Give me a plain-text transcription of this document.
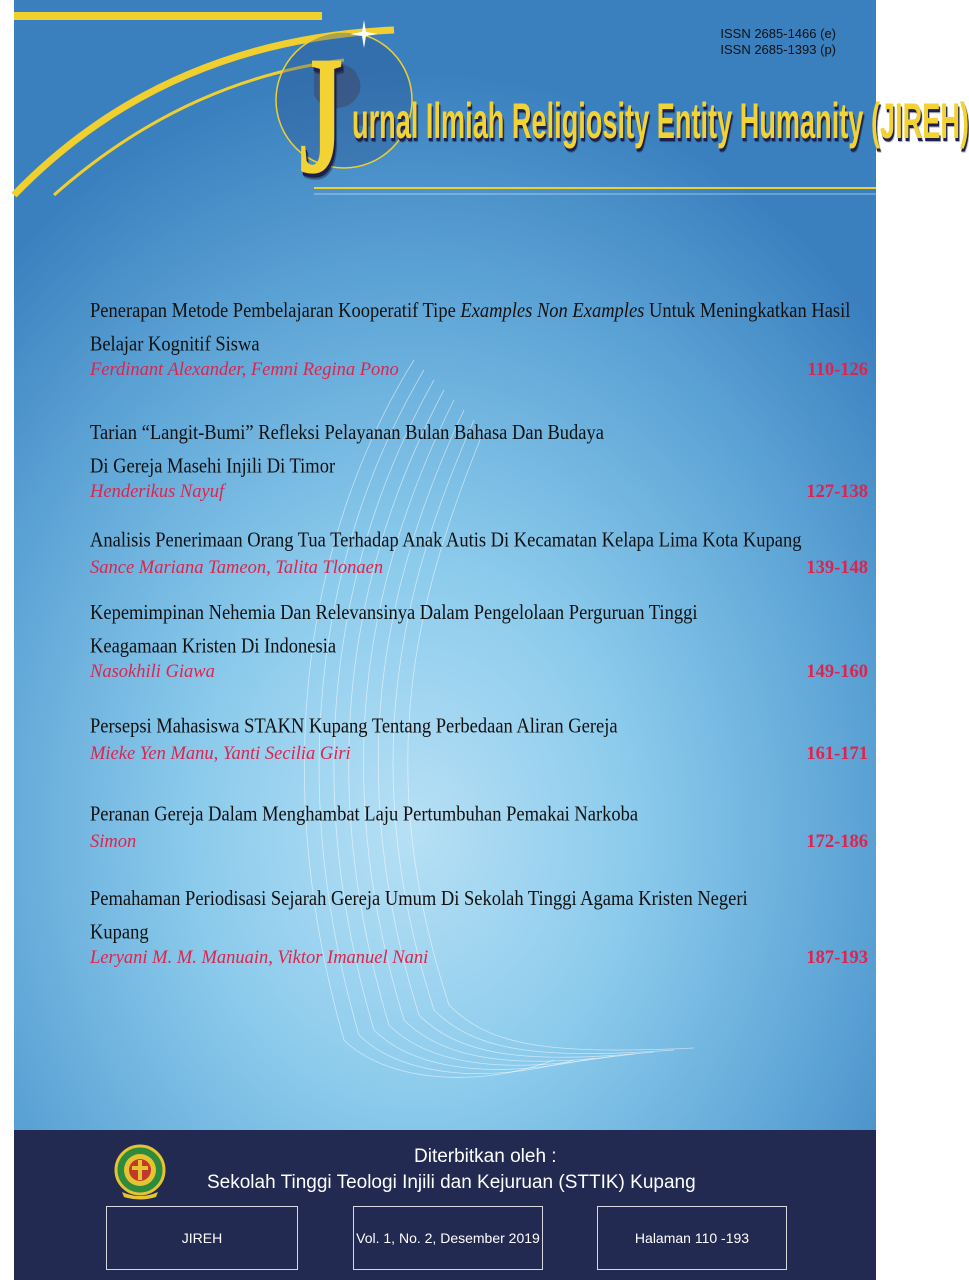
ISSN 2685-1466 (e)
ISSN 2685-1393 (p)
J urnal Ilmiah Religiosity Entity Humanity (JIREH)
Penerapan Metode Pembelajaran Kooperatif Tipe Examples Non Examples Untuk Meningkatkan Hasil Belajar Kognitif Siswa
Ferdinant Alexander, Femni Regina Pono	110-126
Tarian “Langit-Bumi” Refleksi Pelayanan Bulan Bahasa Dan Budaya
Di Gereja Masehi Injili Di Timor
Henderikus Nayuf	127-138
Analisis Penerimaan Orang Tua Terhadap Anak Autis Di Kecamatan Kelapa Lima Kota Kupang
Sance Mariana Tameon, Talita Tlonaen	139-148
Kepemimpinan Nehemia Dan Relevansinya Dalam Pengelolaan Perguruan Tinggi
Keagamaan Kristen Di Indonesia
Nasokhili Giawa	149-160
Persepsi Mahasiswa STAKN Kupang Tentang Perbedaan Aliran Gereja
Mieke Yen Manu, Yanti Secilia Giri	161-171
Peranan Gereja Dalam Menghambat Laju Pertumbuhan Pemakai Narkoba
Simon	172-186
Pemahaman Periodisasi Sejarah Gereja Umum Di Sekolah Tinggi Agama Kristen Negeri
Kupang
Leryani M. M. Manuain, Viktor Imanuel Nani	187-193
Diterbitkan oleh :
Sekolah Tinggi Teologi Injili dan Kejuruan (STTIK) Kupang
JIREH	Vol. 1, No. 2, Desember 2019	Halaman 110 -193
